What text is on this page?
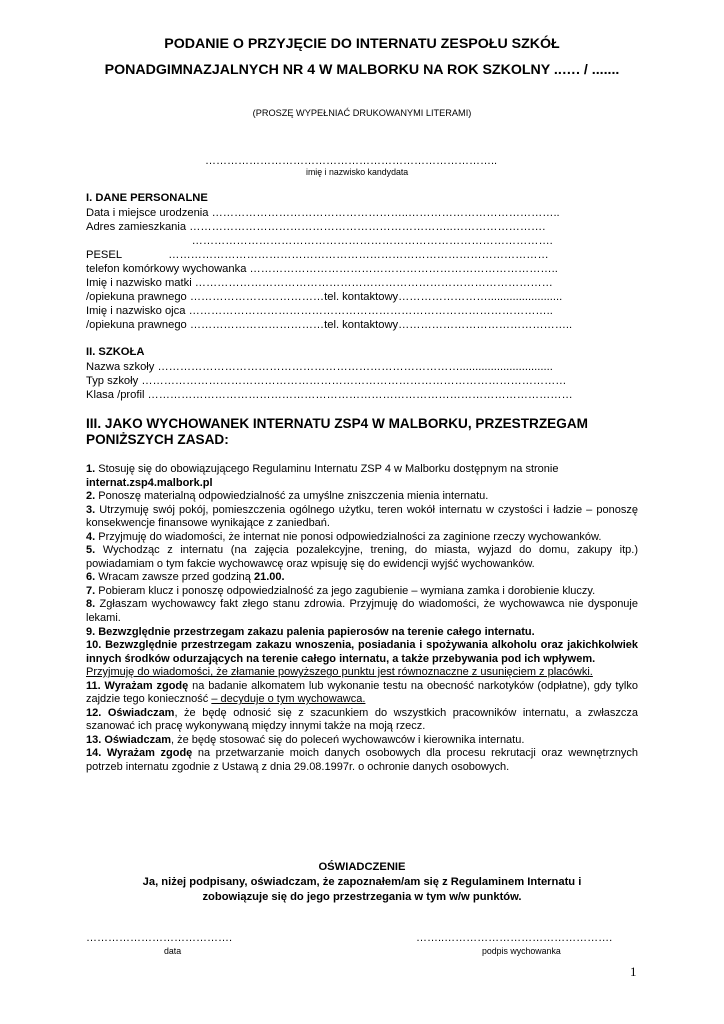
PODANIE O PRZYJĘCIE DO INTERNATU ZESPOŁU SZKÓŁ
PONADGIMNAZJALNYCH NR 4 W MALBORKU NA ROK SZKOLNY ..…. / .......
(PROSZĘ WYPEŁNIAĆ DRUKOWANYMI LITERAMI)
……………………………………………………………………..
imię i nazwisko kandydata
I. DANE PERSONALNE
Data i miejsce urodzenia ……………………………………………..…………………………………..
Adres zamieszkania ……………………………………………………………..…………………….
…………………………………………………………………………………….
PESEL               …………………………………………………………………………………………
telefon komórkowy wychowanka ………………………………………………………………………..
Imię i nazwisko matki ……………………………………………………………………………………
/opiekuna prawnego ………………………………tel. kontaktowy……………………........................
Imię i nazwisko ojca ……………………………………………………………………………………..
/opiekuna prawnego ………………………………tel. kontaktowy………………………………………..
II. SZKOŁA
Nazwa szkoły ………………………………………………………………………..............................
Typ szkoły ……………………………………………………………………………………………………
Klasa /profil ……………………………………………………………………………………………………
III. JAKO WYCHOWANEK INTERNATU ZSP4 W MALBORKU, PRZESTRZEGAM
PONIŻSZYCH ZASAD:

1. Stosuję się do obowiązującego Regulaminu Internatu ZSP 4 w Malborku dostępnym na stronie
internat.zsp4.malbork.pl

2. Ponoszę materialną odpowiedzialność za umyślne zniszczenia mienia internatu.

3. Utrzymuję swój pokój, pomieszczenia ogólnego użytku, teren wokół internatu w czystości i ładzie – ponoszę konsekwencje finansowe wynikające z zaniedbań.

4. Przyjmuję do wiadomości, że internat nie ponosi odpowiedzialności za zaginione rzeczy wychowanków.

5. Wychodząc z internatu (na zajęcia pozalekcyjne, trening, do miasta, wyjazd do domu, zakupy itp.) powiadamiam o tym fakcie wychowawcę oraz wpisuję się do ewidencji wyjść wychowanków.

6. Wracam zawsze przed godziną 21.00.

7. Pobieram klucz i ponoszę odpowiedzialność za jego zagubienie – wymiana zamka i dorobienie kluczy.

8. Zgłaszam wychowawcy fakt złego stanu zdrowia. Przyjmuję do wiadomości, że wychowawca nie dysponuje lekami.

9. Bezwzględnie przestrzegam zakazu palenia papierosów na terenie całego internatu.

10. Bezwzględnie przestrzegam zakazu wnoszenia, posiadania i spożywania alkoholu oraz jakichkolwiek innych środków odurzających na terenie całego internatu, a także przebywania pod ich wpływem.

Przyjmuję do wiadomości, że złamanie powyższego punktu jest równoznaczne z usunięciem z placówki.

11. Wyrażam zgodę na badanie alkomatem lub wykonanie testu na obecność narkotyków (odpłatne), gdy tylko zajdzie tego konieczność – decyduje o tym wychowawca.

12. Oświadczam, że będę odnosić się z szacunkiem do wszystkich pracowników internatu, a zwłaszcza szanować ich pracę wykonywaną między innymi także na moją rzecz.

13. Oświadczam, że będę stosować się do poleceń wychowawców i kierownika internatu.

14. Wyrażam zgodę na przetwarzanie moich danych osobowych dla procesu rekrutacji oraz wewnętrznych potrzeb internatu zgodnie z Ustawą z dnia 29.08.1997r. o ochronie danych osobowych.

OŚWIADCZENIE
Ja, niżej podpisany, oświadczam, że zapoznałem/am się z Regulaminem Internatu i
zobowiązuje się do jego przestrzegania w tym w/w punktów.
………………………………….
data
……..……………………………………….
podpis wychowanka
1
